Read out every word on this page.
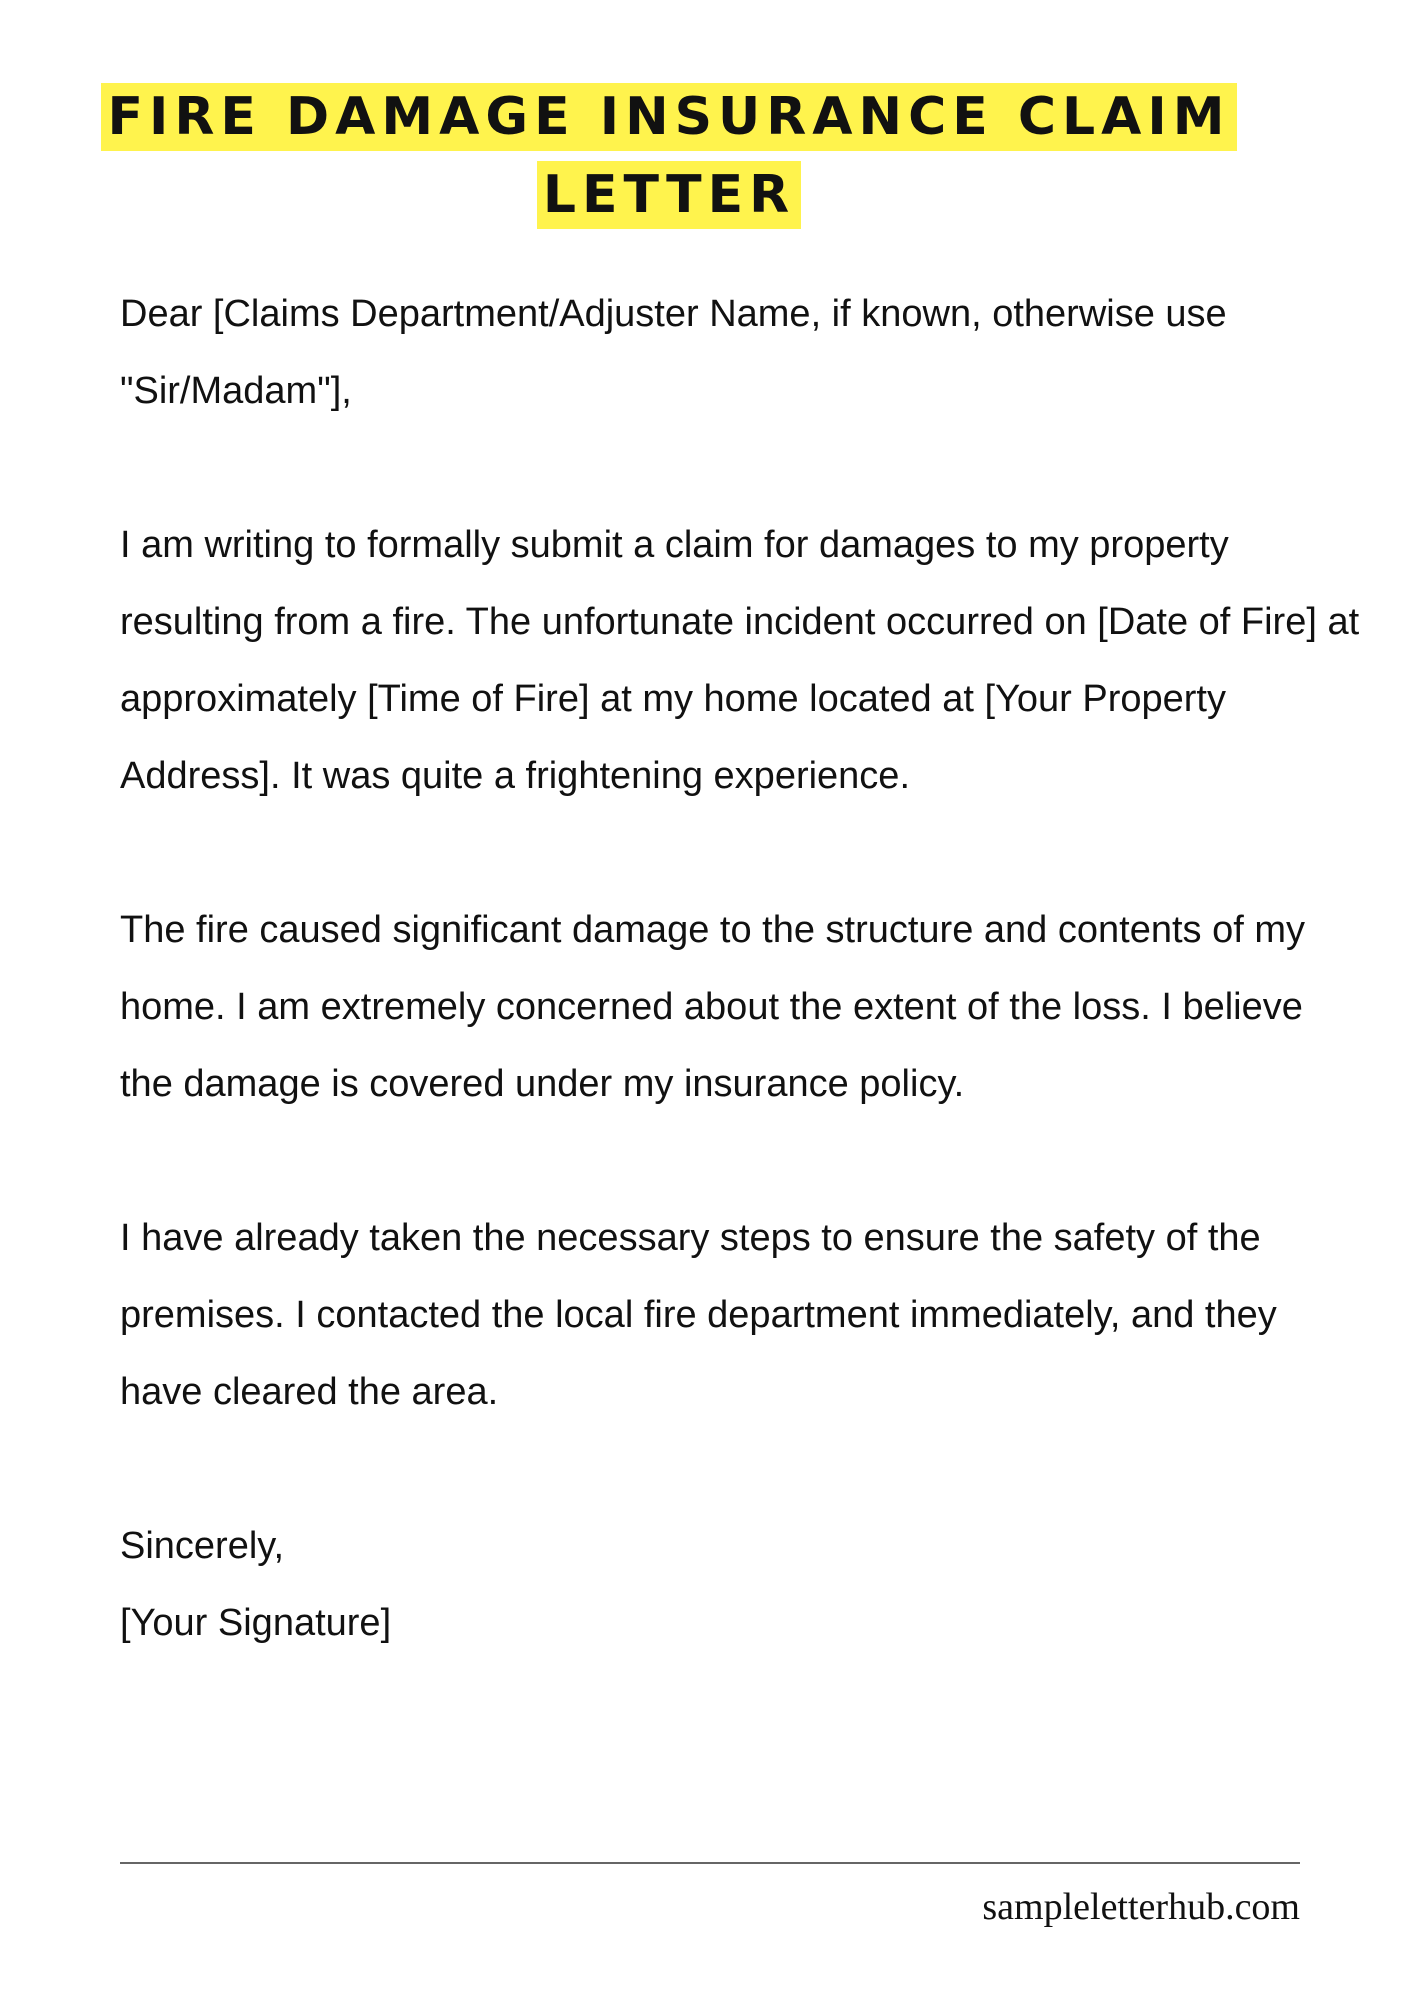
FIRE DAMAGE INSURANCE CLAIM LETTER

Dear [Claims Department/Adjuster Name, if known, otherwise use "Sir/Madam"],

I am writing to formally submit a claim for damages to my property resulting from a fire. The unfortunate incident occurred on [Date of Fire] at approximately [Time of Fire] at my home located at [Your Property Address]. It was quite a frightening experience.

The fire caused significant damage to the structure and contents of my home. I am extremely concerned about the extent of the loss. I believe the damage is covered under my insurance policy.

I have already taken the necessary steps to ensure the safety of the premises. I contacted the local fire department immediately, and they have cleared the area.

Sincerely,

[Your Signature]

sampleletterhub.com
